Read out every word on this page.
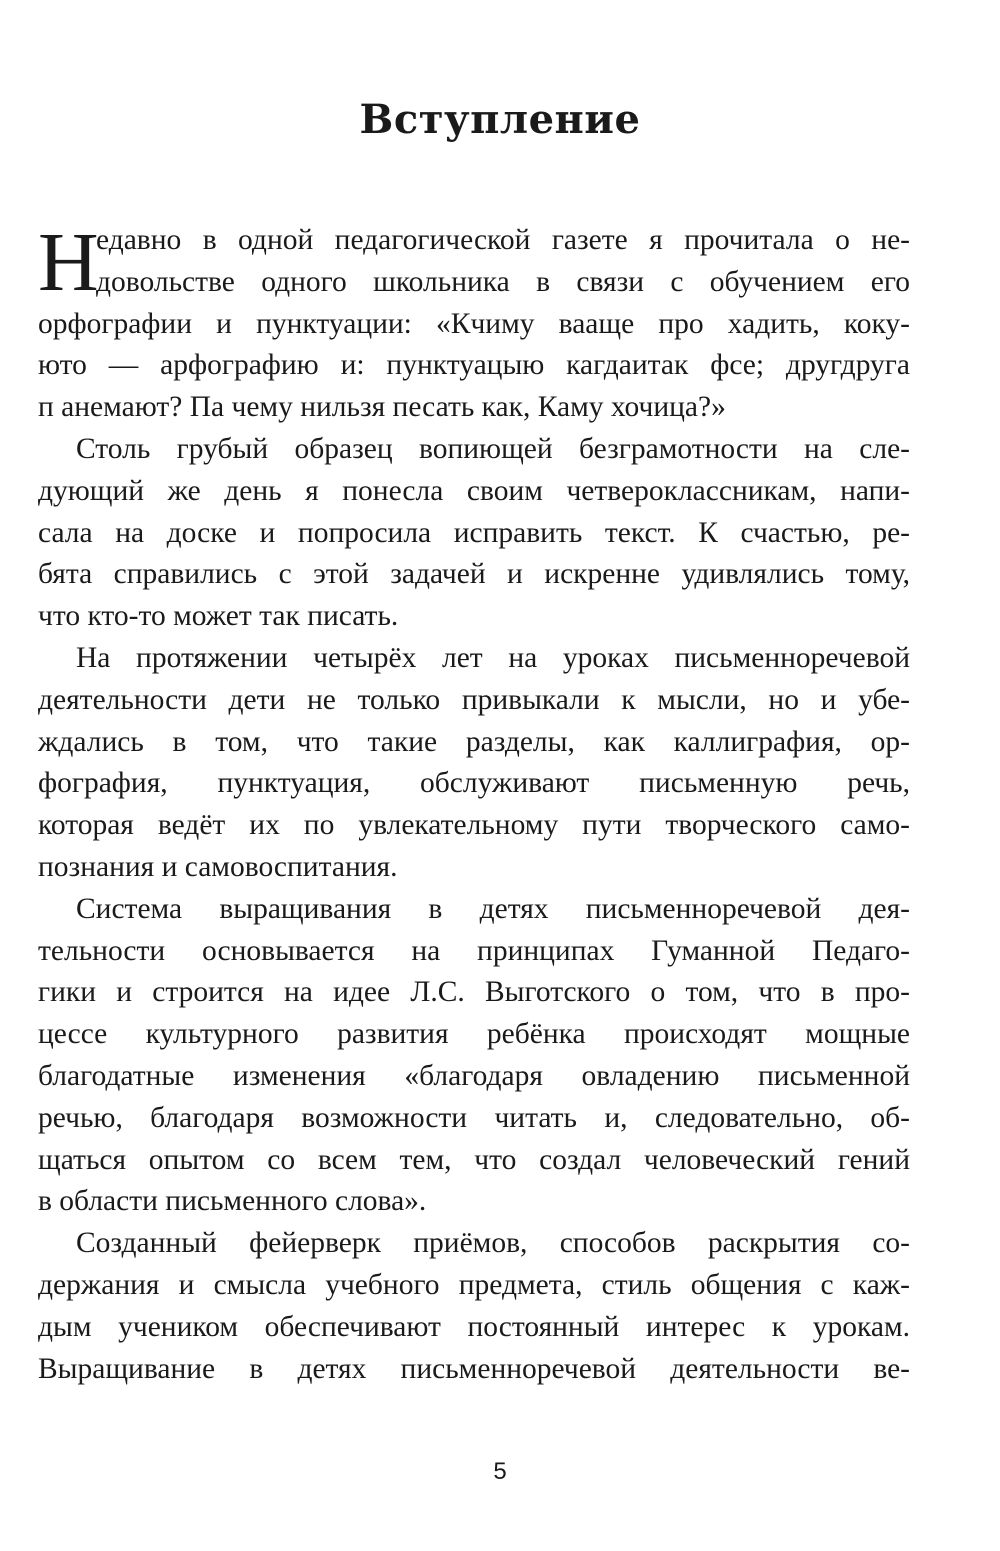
Вступление
Н
едавно в одной педагогической газете я прочитала о не-
довольстве одного школьника в связи с обучением его
орфографии и пунктуации: «Кчиму вааще про хадить, коку-
юто — арфографию и: пунктуацыю кагдаитак фсе; другдруга
п анемают? Па чему нильзя песать как, Каму хочица?»
Столь грубый образец вопиющей безграмотности на сле-
дующий же день я понесла своим четвероклассникам, напи-
сала на доске и попросила исправить текст. К счастью, ре-
бята справились с этой задачей и искренне удивлялись тому,
что кто-то может так писать.
На протяжении четырёх лет на уроках письменноречевой
деятельности дети не только привыкали к мысли, но и убе-
ждались в том, что такие разделы, как каллиграфия, ор-
фография, пунктуация, обслуживают письменную речь,
которая ведёт их по увлекательному пути творческого само-
познания и самовоспитания.
Система выращивания в детях письменноречевой дея-
тельности основывается на принципах Гуманной Педаго-
гики и строится на идее Л.С. Выготского о том, что в про-
цессе культурного развития ребёнка происходят мощные
благодатные изменения «благодаря овладению письменной
речью, благодаря возможности читать и, следовательно, об-
щаться опытом со всем тем, что создал человеческий гений
в области письменного слова».
Созданный фейерверк приёмов, способов раскрытия со-
держания и смысла учебного предмета, стиль общения с каж-
дым учеником обеспечивают постоянный интерес к урокам.
Выращивание в детях письменноречевой деятельности ве-
5
